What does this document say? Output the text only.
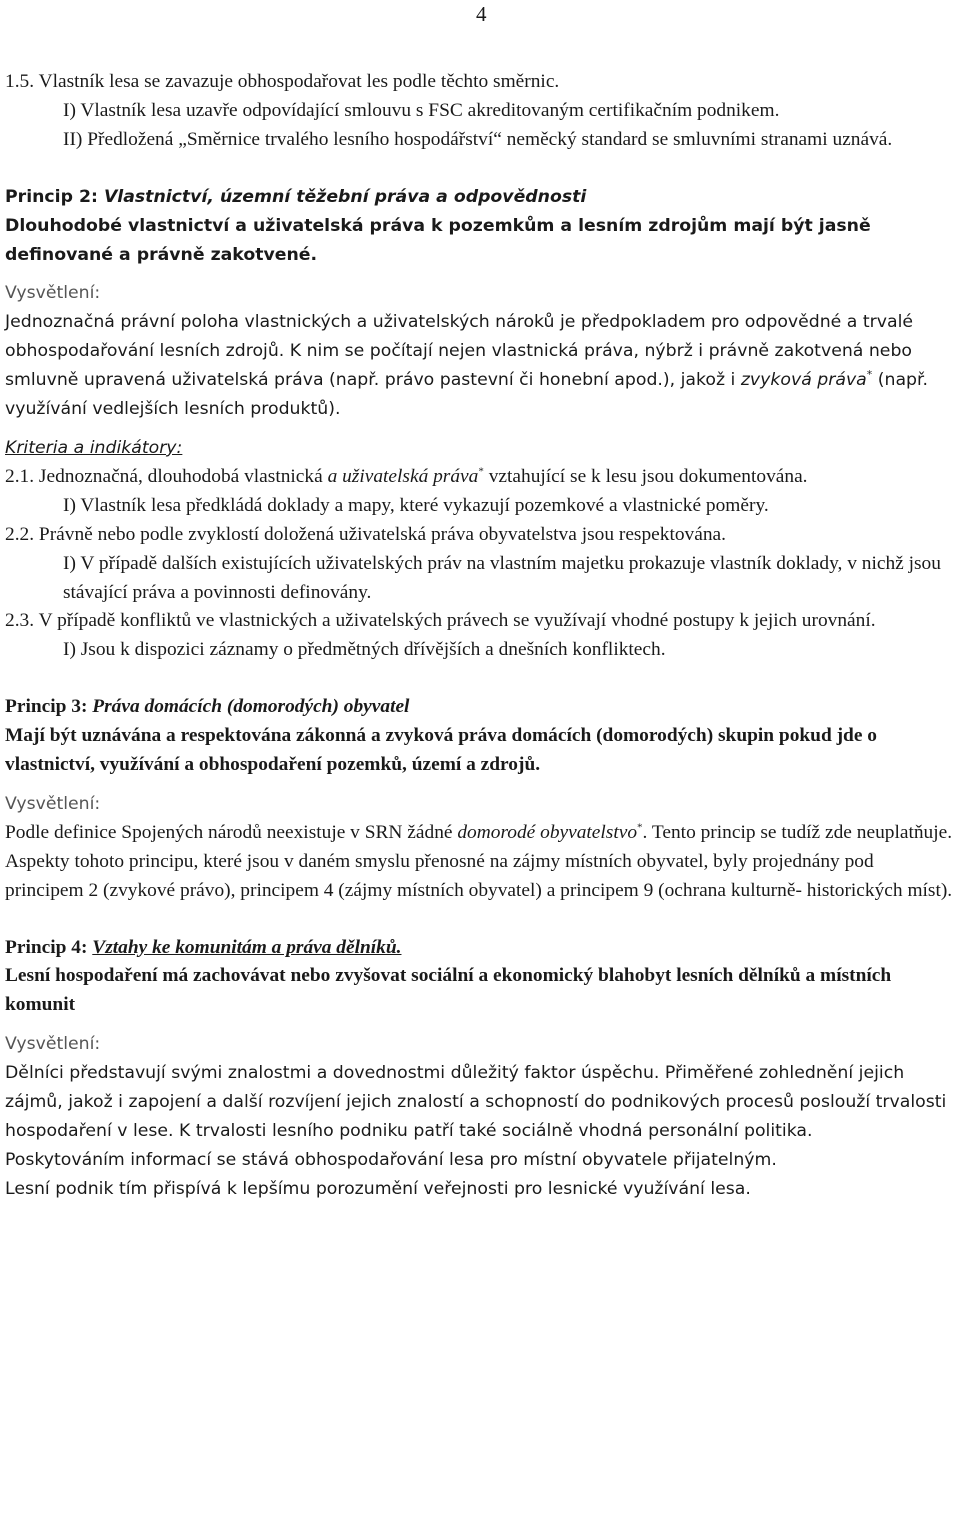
4

1.5. Vlastník lesa se zavazuje obhospodařovat les podle těchto směrnic.

I) Vlastník lesa uzavře odpovídající smlouvu s FSC akreditovaným certifikačním podnikem.

II) Předložená „Směrnice trvalého lesního hospodářství“ neměcký standard se smluvními stranami uznává.

Princip 2: Vlastnictví, územní těžební práva a odpovědnosti

Dlouhodobé vlastnictví a uživatelská práva k pozemkům a lesním zdrojům mají být jasně definované a právně zakotvené.

Vysvětlení:

Jednoznačná právní poloha vlastnických a uživatelských nároků je předpokladem pro odpovědné a trvalé obhospodařování lesních zdrojů. K nim se počítají nejen vlastnická práva, nýbrž i právně zakotvená nebo smluvně upravená uživatelská práva (např. právo pastevní či honební apod.), jakož i zvyková práva* (např. využívání vedlejších lesních produktů).

Kriteria a indikátory:

2.1. Jednoznačná, dlouhodobá vlastnická a uživatelská práva* vztahující se k lesu jsou dokumentována.

I) Vlastník lesa předkládá doklady a mapy, které vykazují pozemkové a vlastnické poměry.

2.2. Právně nebo podle zvyklostí doložená uživatelská práva obyvatelstva jsou respektována.

I) V případě dalších existujících uživatelských práv na vlastním majetku prokazuje vlastník doklady, v nichž jsou stávající práva a povinnosti definovány.

2.3. V případě konfliktů ve vlastnických a uživatelských právech se využívají vhodné postupy k jejich urovnání.

I) Jsou k dispozici záznamy o předmětných dřívějších a dnešních konfliktech.

Princip 3: Práva domácích (domorodých) obyvatel

Mají být uznávána a respektována zákonná a zvyková práva domácích (domorodých) skupin pokud jde o vlastnictví, využívání a obhospodaření pozemků, území a zdrojů.

Vysvětlení:

Podle definice Spojených národů neexistuje v SRN žádné domorodé obyvatelstvo*. Tento princip se tudíž zde neuplatňuje.

Aspekty tohoto principu, které jsou v daném smyslu přenosné na zájmy místních obyvatel, byly projednány pod principem 2 (zvykové právo), principem 4 (zájmy místních obyvatel) a principem 9 (ochrana kulturně- historických míst).

Princip 4: Vztahy ke komunitám a práva dělníků.

Lesní hospodaření má zachovávat nebo zvyšovat sociální a ekonomický blahobyt lesních dělníků a místních komunit

Vysvětlení:

Dělníci představují svými znalostmi a dovednostmi důležitý faktor úspěchu. Přiměřené zohlednění jejich zájmů, jakož i zapojení a další rozvíjení jejich znalostí a schopností do podnikových procesů poslouží trvalosti hospodaření v lese. K trvalosti lesního podniku patří také sociálně vhodná personální politika.

Poskytováním informací se stává obhospodařování lesa pro místní obyvatele přijatelným.

Lesní podnik tím přispívá k lepšímu porozumění veřejnosti pro lesnické využívání lesa.
